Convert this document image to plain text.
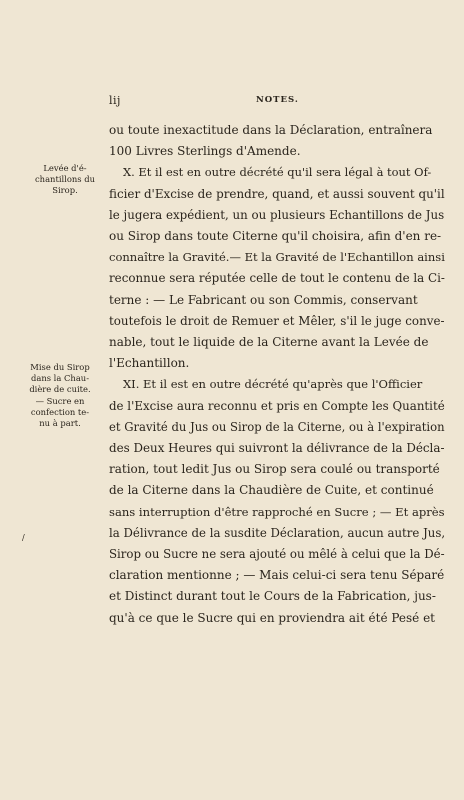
lij	NOTES.
Levée d'é-
chantillons du
Sirop.
Mise du Sirop
dans la Chau-
dière de cuite.
— Sucre en
confection te-
nu à part.
/
ou toute inexactitude dans la Déclaration, entraînera
100 Livres Sterlings d'Amende.
X. Et il est en outre décrété qu'il sera légal à tout Of-
ficier d'Excise de prendre, quand, et aussi souvent qu'il
le jugera expédient, un ou plusieurs Echantillons de Jus
ou Sirop dans toute Citerne qu'il choisira, afin d'en re-
connaître la Gravité.— Et la Gravité de l'Echantillon ainsi
reconnue sera réputée celle de tout le contenu de la Ci-
terne : — Le Fabricant ou son Commis, conservant
toutefois le droit de Remuer et Mêler, s'il le juge conve-
nable, tout le liquide de la Citerne avant la Levée de
l'Echantillon.
XI. Et il est en outre décrété qu'après que l'Officier
de l'Excise aura reconnu et pris en Compte les Quantité
et Gravité du Jus ou Sirop de la Citerne, ou à l'expiration
des Deux Heures qui suivront la délivrance de la Décla-
ration, tout ledit Jus ou Sirop sera coulé ou transporté
de la Citerne dans la Chaudière de Cuite, et continué
sans interruption d'être rapproché en Sucre ; — Et après
la Délivrance de la susdite Déclaration, aucun autre Jus,
Sirop ou Sucre ne sera ajouté ou mêlé à celui que la Dé-
claration mentionne ; — Mais celui-ci sera tenu Séparé
et Distinct durant tout le Cours de la Fabrication, jus-
qu'à ce que le Sucre qui en proviendra ait été Pesé et
